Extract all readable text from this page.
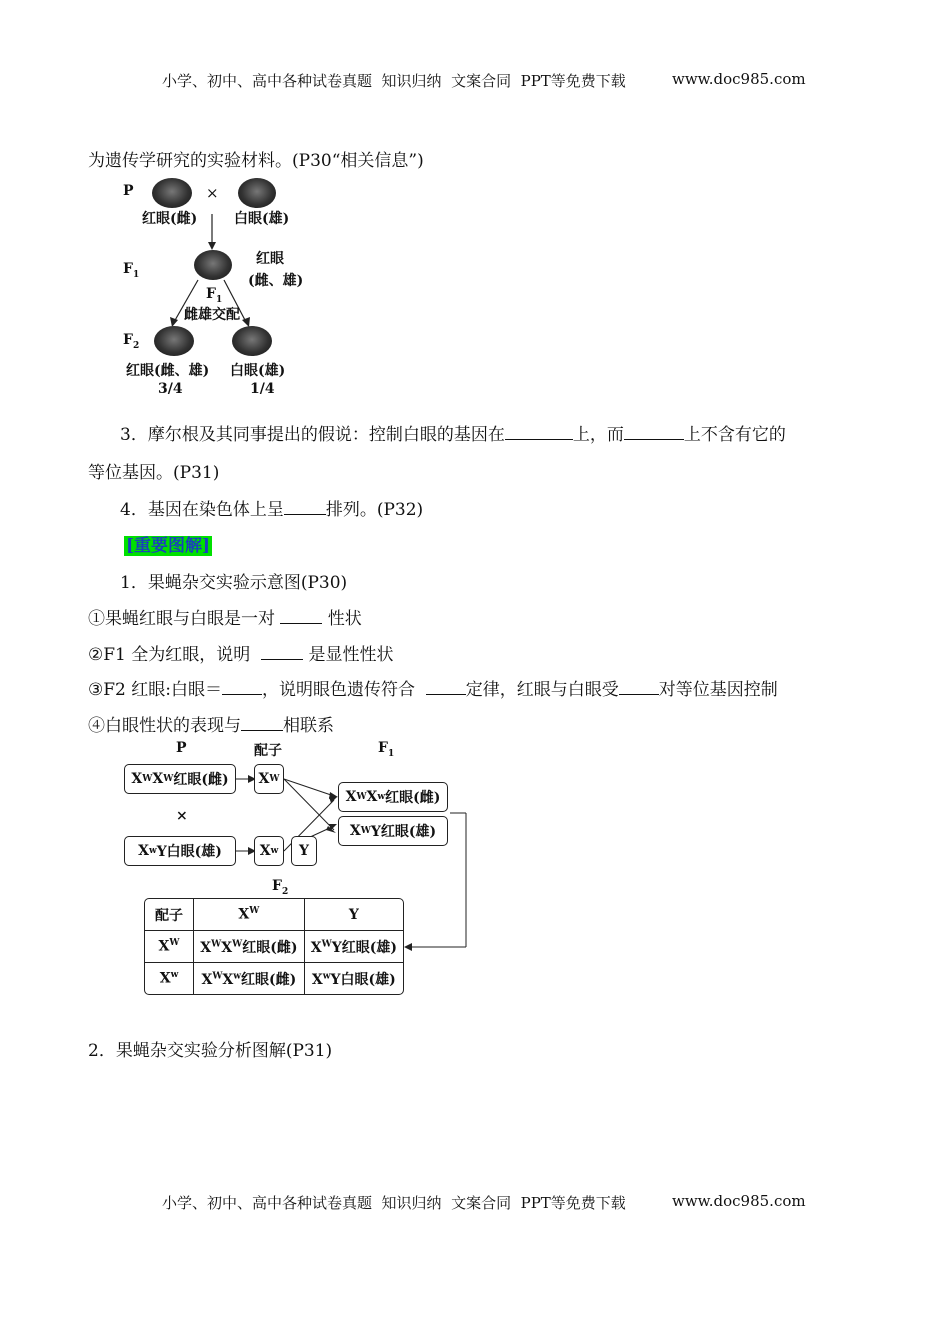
小学、初中、高中各种试卷真题  知识归纳  文案合同  PPT等免费下载	www.doc985.com
小学、初中、高中各种试卷真题  知识归纳  文案合同  PPT等免费下载	www.doc985.com
为遗传学研究的实验材料。(P30“相关信息”)
P	×
红眼(雌)	白眼(雄)
$F_1$
红眼
(雌、雄)
$F_1$
雌雄交配
$F_2$
红眼(雌、雄) 白眼(雄)
3/4	1/4
3．摩尔根及其同事提出的假说：控制白眼的基因在	上，而	上不含有它的
等位基因。(P31)
4．基因在染色体上呈 排列。(P32)
[重要图解]
1．果蝇杂交实验示意图(P30)
①果蝇红眼与白眼是一对  性状
②F1 全为红眼，说明   是显性性状
③F2 红眼:白眼＝ ，说明眼色遗传符合  定律，红眼与白眼受 对等位基因控制
④白眼性状的表现与 相联系
P	配子	$F_1$
X W X W 红眼(雌)
×
X w Y白眼(雄)
X W
X w Y
X W X w 红眼(雌)
X W Y红眼(雄)
$F_2$
配子	$X^W$	Y
$X^W$	$X^WX^W$红眼(雌)	$X^WY$红眼(雄)
$X^w$	$X^WX^w$红眼(雌)	$X^wY$白眼(雄)
2．果蝇杂交实验分析图解(P31)
